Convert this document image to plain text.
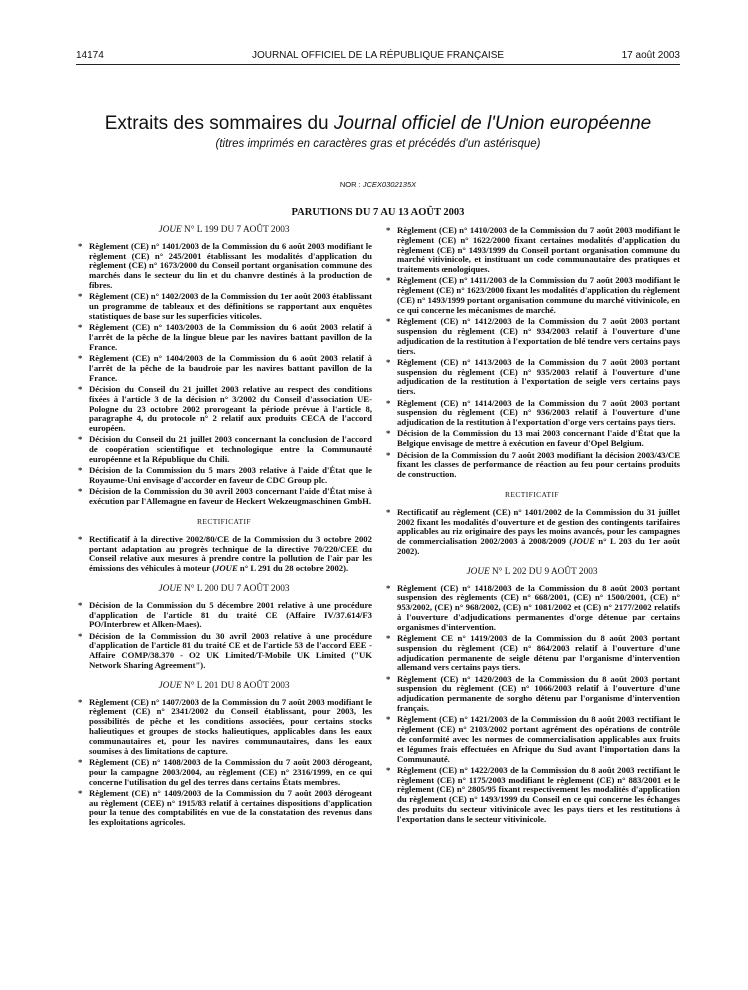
14174	JOURNAL OFFICIEL DE LA RÉPUBLIQUE FRANÇAISE	17 août 2003
Extraits des sommaires du Journal officiel de l'Union européenne
(titres imprimés en caractères gras et précédés d'un astérisque)
NOR : JCEX0302135X
PARUTIONS DU 7 AU 13 AOÛT 2003
JOUE N° L 199 DU 7 AOÛT 2003
* Règlement (CE) n° 1401/2003 de la Commission du 6 août 2003 modifiant le règlement (CE) n° 245/2001 établissant les modalités d'application du règlement (CE) n° 1673/2000 du Conseil portant organisation commune des marchés dans le secteur du lin et du chanvre destinés à la production de fibres.
* Règlement (CE) n° 1402/2003 de la Commission du 1er août 2003 établissant un programme de tableaux et des définitions se rapportant aux enquêtes statistiques de base sur les superficies viticoles.
* Règlement (CE) n° 1403/2003 de la Commission du 6 août 2003 relatif à l'arrêt de la pêche de la lingue bleue par les navires battant pavillon de la France.
* Règlement (CE) n° 1404/2003 de la Commission du 6 août 2003 relatif à l'arrêt de la pêche de la baudroie par les navires battant pavillon de la France.
* Décision du Conseil du 21 juillet 2003 relative au respect des conditions fixées à l'article 3 de la décision n° 3/2002 du Conseil d'association UE-Pologne du 23 octobre 2002 prorogeant la période prévue à l'article 8, paragraphe 4, du protocole n° 2 relatif aux produits CECA de l'accord européen.
* Décision du Conseil du 21 juillet 2003 concernant la conclusion de l'accord de coopération scientifique et technologique entre la Communauté européenne et la République du Chili.
* Décision de la Commission du 5 mars 2003 relative à l'aide d'État que le Royaume-Uni envisage d'accorder en faveur de CDC Group plc.
* Décision de la Commission du 30 avril 2003 concernant l'aide d'État mise à exécution par l'Allemagne en faveur de Heckert Wekzeugmaschinen GmbH.
RECTIFICATIF
* Rectificatif à la directive 2002/80/CE de la Commission du 3 octobre 2002 portant adaptation au progrès technique de la directive 70/220/CEE du Conseil relative aux mesures à prendre contre la pollution de l'air par les émissions des véhicules à moteur (JOUE n° L 291 du 28 octobre 2002).
JOUE N° L 200 DU 7 AOÛT 2003
* Décision de la Commission du 5 décembre 2001 relative à une procédure d'application de l'article 81 du traité CE (Affaire IV/37.614/F3 PO/Interbrew et Alken-Maes).
* Décision de la Commission du 30 avril 2003 relative à une procédure d'application de l'article 81 du traité CE et de l'article 53 de l'accord EEE - Affaire COMP/38.370 - O2 UK Limited/T-Mobile UK Limited ("UK Network Sharing Agreement").
JOUE N° L 201 DU 8 AOÛT 2003
* Règlement (CE) n° 1407/2003 de la Commission du 7 août 2003 modifiant le règlement (CE) n° 2341/2002 du Conseil établissant, pour 2003, les possibilités de pêche et les conditions associées, pour certains stocks halieutiques et groupes de stocks halieutiques, applicables dans les eaux communautaires et, pour les navires communautaires, dans les eaux soumises à des limitations de capture.
* Règlement (CE) n° 1408/2003 de la Commission du 7 août 2003 dérogeant, pour la campagne 2003/2004, au règlement (CE) n° 2316/1999, en ce qui concerne l'utilisation du gel des terres dans certains États membres.
* Règlement (CE) n° 1409/2003 de la Commission du 7 août 2003 dérogeant au règlement (CEE) n° 1915/83 relatif à certaines dispositions d'application pour la tenue des comptabilités en vue de la constatation des revenus dans les exploitations agricoles.
* Règlement (CE) n° 1410/2003 de la Commission du 7 août 2003 modifiant le règlement (CE) n° 1622/2000 fixant certaines modalités d'application du règlement (CE) n° 1493/1999 du Conseil portant organisation commune du marché vitivinicole, et instituant un code communautaire des pratiques et traitements œnologiques.
* Règlement (CE) n° 1411/2003 de la Commission du 7 août 2003 modifiant le règlement (CE) n° 1623/2000 fixant les modalités d'application du règlement (CE) n° 1493/1999 portant organisation commune du marché vitivinicole, en ce qui concerne les mécanismes de marché.
* Règlement (CE) n° 1412/2003 de la Commission du 7 août 2003 portant suspension du règlement (CE) n° 934/2003 relatif à l'ouverture d'une adjudication de la restitution à l'exportation de blé tendre vers certains pays tiers.
* Règlement (CE) n° 1413/2003 de la Commission du 7 août 2003 portant suspension du règlement (CE) n° 935/2003 relatif à l'ouverture d'une adjudication de la restitution à l'exportation de seigle vers certains pays tiers.
* Règlement (CE) n° 1414/2003 de la Commission du 7 août 2003 portant suspension du règlement (CE) n° 936/2003 relatif à l'ouverture d'une adjudication de la restitution à l'exportation d'orge vers certains pays tiers.
* Décision de la Commission du 13 mai 2003 concernant l'aide d'État que la Belgique envisage de mettre à exécution en faveur d'Opel Belgium.
* Décision de la Commission du 7 août 2003 modifiant la décision 2003/43/CE fixant les classes de performance de réaction au feu pour certains produits de construction.
RECTIFICATIF
* Rectificatif au règlement (CE) n° 1401/2002 de la Commission du 31 juillet 2002 fixant les modalités d'ouverture et de gestion des contingents tarifaires applicables au riz originaire des pays les moins avancés, pour les campagnes de commercialisation 2002/2003 à 2008/2009 (JOUE n° L 203 du 1er août 2002).
JOUE N° L 202 DU 9 AOÛT 2003
* Règlement (CE) n° 1418/2003 de la Commission du 8 août 2003 portant suspension des règlements (CE) n° 668/2001, (CE) n° 1500/2001, (CE) n° 953/2002, (CE) n° 968/2002, (CE) n° 1081/2002 et (CE) n° 2177/2002 relatifs à l'ouverture d'adjudications permanentes d'orge détenue par certains organismes d'intervention.
* Règlement CE n° 1419/2003 de la Commission du 8 août 2003 portant suspension du règlement (CE) n° 864/2003 relatif à l'ouverture d'une adjudication permanente de seigle détenu par l'organisme d'intervention allemand vers certains pays tiers.
* Règlement (CE) n° 1420/2003 de la Commission du 8 août 2003 portant suspension du règlement (CE) n° 1066/2003 relatif à l'ouverture d'une adjudication permanente de sorgho détenu par l'organisme d'intervention français.
* Règlement (CE) n° 1421/2003 de la Commission du 8 août 2003 rectifiant le règlement (CE) n° 2103/2002 portant agrément des opérations de contrôle de conformité avec les normes de commercialisation applicables aux fruits et légumes frais effectuées en Afrique du Sud avant l'importation dans la Communauté.
* Règlement (CE) n° 1422/2003 de la Commission du 8 août 2003 rectifiant le règlement (CE) n° 1175/2003 modifiant le règlement (CE) n° 883/2001 et le règlement (CE) n° 2805/95 fixant respectivement les modalités d'application du règlement (CE) n° 1493/1999 du Conseil en ce qui concerne les échanges des produits du secteur vitivinicole avec les pays tiers et les restitutions à l'exportation dans le secteur vitivinicole.
